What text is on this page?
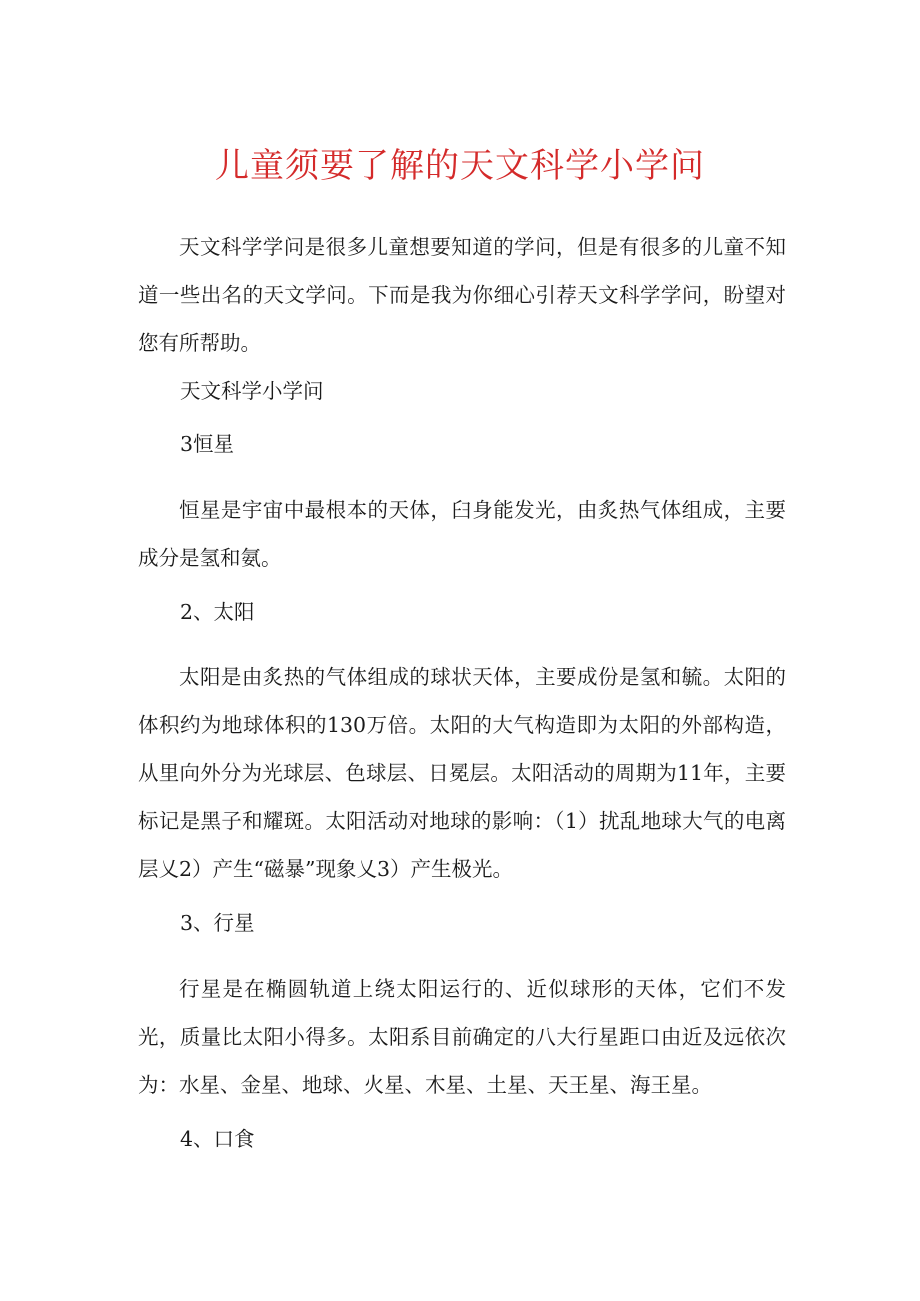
儿童须要了解的天文科学小学问

天文科学学问是很多儿童想要知道的学问，但是有很多的儿童不知道一些出名的天文学问。下而是我为你细心引荐天文科学学问，盼望对您有所帮助。

天文科学小学问

3恒星

恒星是宇宙中最根本的天体，臼身能发光，由炙热气体组成，主要成分是氢和氨。

2、太阳

太阳是由炙热的气体组成的球状天体，主要成份是氢和毓。太阳的体积约为地球体积的130万倍。太阳的大气构造即为太阳的外部构造，从里向外分为光球层、色球层、日冕层。太阳活动的周期为11年，主要标记是黑子和耀斑。太阳活动对地球的影响：（1）扰乱地球大气的电离层乂2）产生“磁暴”现象乂3）产生极光。

3、行星

行星是在椭圆轨道上绕太阳运行的、近似球形的天体，它们不发光，质量比太阳小得多。太阳系目前确定的八大行星距口由近及远依次为：水星、金星、地球、火星、木星、土星、天王星、海王星。

4、口食
